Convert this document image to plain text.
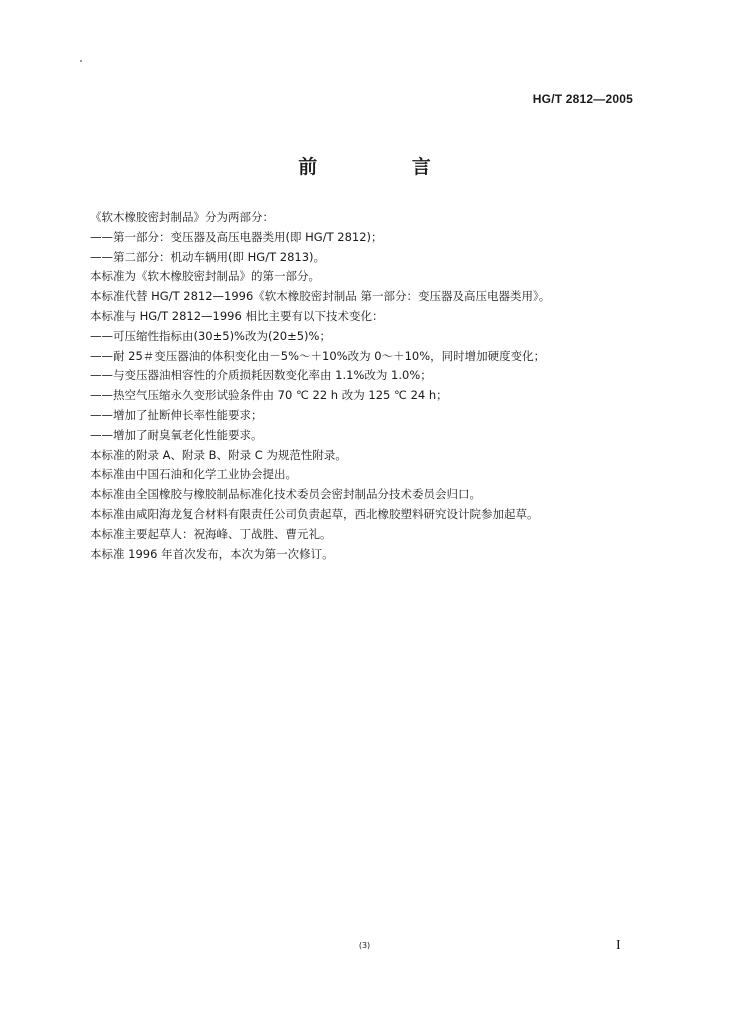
HG/T 2812—2005
前 言
《软木橡胶密封制品》分为两部分：
——第一部分：变压器及高压电器类用(即 HG/T 2812)；
——第二部分：机动车辆用(即 HG/T 2813)。
本标准为《软木橡胶密封制品》的第一部分。
本标准代替 HG/T 2812—1996《软木橡胶密封制品 第一部分：变压器及高压电器类用》。
本标准与 HG/T 2812—1996 相比主要有以下技术变化：
——可压缩性指标由(30±5)%改为(20±5)%；
——耐 25＃变压器油的体积变化由－5%～＋10%改为 0～＋10%，同时增加硬度变化；
——与变压器油相容性的介质损耗因数变化率由 1.1%改为 1.0%；
——热空气压缩永久变形试验条件由 70 ℃ 22 h 改为 125 ℃ 24 h；
——增加了扯断伸长率性能要求；
——增加了耐臭氧老化性能要求。
本标准的附录 A、附录 B、附录 C 为规范性附录。
本标准由中国石油和化学工业协会提出。
本标准由全国橡胶与橡胶制品标准化技术委员会密封制品分技术委员会归口。
本标准由咸阳海龙复合材料有限责任公司负责起草，西北橡胶塑料研究设计院参加起草。
本标准主要起草人：祝海峰、丁战胜、曹元礼。
本标准 1996 年首次发布，本次为第一次修订。
(3)	I
